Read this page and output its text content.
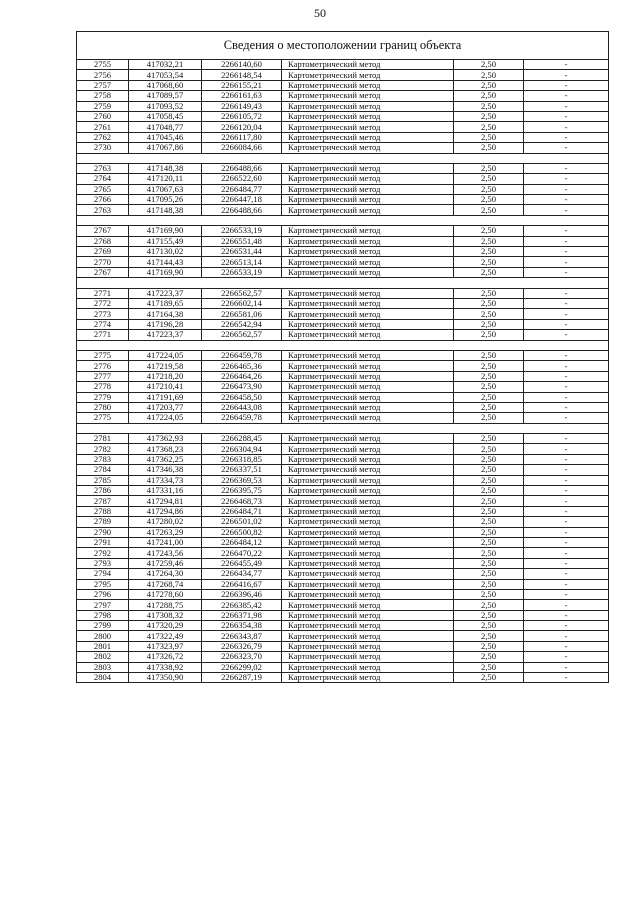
50
Сведения о местоположении границ объекта					
2755	417032,21	2266140,60	Картометрический метод	2,50	-
2756	417053,54	2266148,54	Картометрический метод	2,50	-
2757	417068,60	2266155,21	Картометрический метод	2,50	-
2758	417089,57	2266161,63	Картометрический метод	2,50	-
2759	417093,52	2266149,43	Картометрический метод	2,50	-
2760	417058,45	2266105,72	Картометрический метод	2,50	-
2761	417048,77	2266120,04	Картометрический метод	2,50	-
2762	417045,46	2266117,80	Картометрический метод	2,50	-
2730	417067,86	2266084,66	Картометрический метод	2,50	-

2763	417148,38	2266488,66	Картометрический метод	2,50	-
2764	417120,11	2266522,60	Картометрический метод	2,50	-
2765	417067,63	2266484,77	Картометрический метод	2,50	-
2766	417095,26	2266447,18	Картометрический метод	2,50	-
2763	417148,38	2266488,66	Картометрический метод	2,50	-

2767	417169,90	2266533,19	Картометрический метод	2,50	-
2768	417155,49	2266551,48	Картометрический метод	2,50	-
2769	417130,02	2266531,44	Картометрический метод	2,50	-
2770	417144,43	2266513,14	Картометрический метод	2,50	-
2767	417169,90	2266533,19	Картометрический метод	2,50	-

2771	417223,37	2266562,57	Картометрический метод	2,50	-
2772	417189,65	2266602,14	Картометрический метод	2,50	-
2773	417164,38	2266581,06	Картометрический метод	2,50	-
2774	417196,28	2266542,94	Картометрический метод	2,50	-
2771	417223,37	2266562,57	Картометрический метод	2,50	-

2775	417224,05	2266459,78	Картометрический метод	2,50	-
2776	417219,58	2266465,36	Картометрический метод	2,50	-
2777	417218,20	2266464,26	Картометрический метод	2,50	-
2778	417210,41	2266473,90	Картометрический метод	2,50	-
2779	417191,69	2266458,50	Картометрический метод	2,50	-
2780	417203,77	2266443,08	Картометрический метод	2,50	-
2775	417224,05	2266459,78	Картометрический метод	2,50	-

2781	417362,93	2266288,45	Картометрический метод	2,50	-
2782	417368,23	2266304,94	Картометрический метод	2,50	-
2783	417362,25	2266318,85	Картометрический метод	2,50	-
2784	417346,38	2266337,51	Картометрический метод	2,50	-
2785	417334,73	2266369,53	Картометрический метод	2,50	-
2786	417331,16	2266395,75	Картометрический метод	2,50	-
2787	417294,81	2266468,73	Картометрический метод	2,50	-
2788	417294,86	2266484,71	Картометрический метод	2,50	-
2789	417280,02	2266501,02	Картометрический метод	2,50	-
2790	417263,29	2266500,82	Картометрический метод	2,50	-
2791	417241,00	2266484,12	Картометрический метод	2,50	-
2792	417243,56	2266470,22	Картометрический метод	2,50	-
2793	417259,46	2266455,49	Картометрический метод	2,50	-
2794	417264,30	2266434,77	Картометрический метод	2,50	-
2795	417268,74	2266416,67	Картометрический метод	2,50	-
2796	417278,60	2266396,46	Картометрический метод	2,50	-
2797	417288,75	2266385,42	Картометрический метод	2,50	-
2798	417308,32	2266371,98	Картометрический метод	2,50	-
2799	417320,29	2266354,38	Картометрический метод	2,50	-
2800	417322,49	2266343,87	Картометрический метод	2,50	-
2801	417323,97	2266326,79	Картометрический метод	2,50	-
2802	417326,72	2266323,70	Картометрический метод	2,50	-
2803	417338,92	2266299,02	Картометрический метод	2,50	-
2804	417350,90	2266287,19	Картометрический метод	2,50	-
